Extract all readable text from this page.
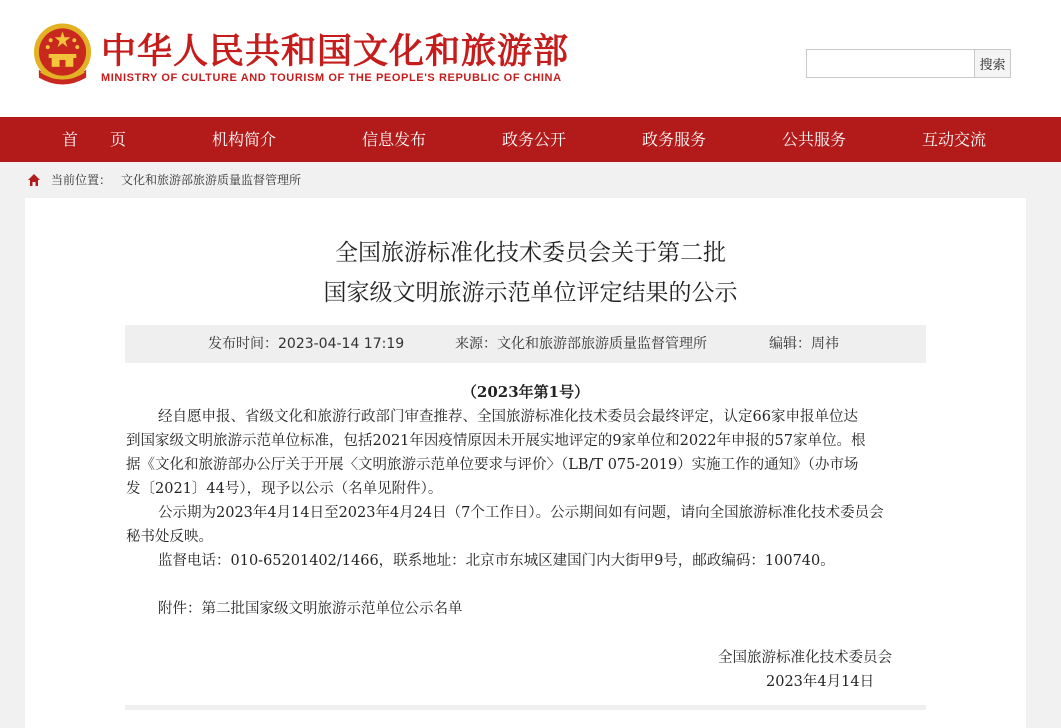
中华人民共和国文化和旅游部
MINISTRY OF CULTURE AND TOURISM OF THE PEOPLE'S REPUBLIC OF CHINA
搜索
首　　页	机构简介	信息发布	政务公开	政务服务	公共服务	互动交流
当前位置： 文化和旅游部旅游质量监督管理所
全国旅游标准化技术委员会关于第二批
国家级文明旅游示范单位评定结果的公示
发布时间：2023-04-14 17:19	来源：文化和旅游部旅游质量监督管理所	编辑：周祎
（2023年第1号）
经自愿申报、省级文化和旅游行政部门审查推荐、全国旅游标准化技术委员会最终评定，认定66家申报单位达
到国家级文明旅游示范单位标准，包括2021年因疫情原因未开展实地评定的9家单位和2022年申报的57家单位。根
据《文化和旅游部办公厅关于开展〈文明旅游示范单位要求与评价〉（LB/T 075-2019）实施工作的通知》（办市场
发〔2021〕44号），现予以公示（名单见附件）。
公示期为2023年4月14日至2023年4月24日（7个工作日）。公示期间如有问题，请向全国旅游标准化技术委员会
秘书处反映。
监督电话：010-65201402/1466，联系地址：北京市东城区建国门内大街甲9号，邮政编码：100740。
附件：第二批国家级文明旅游示范单位公示名单
全国旅游标准化技术委员会
2023年4月14日
